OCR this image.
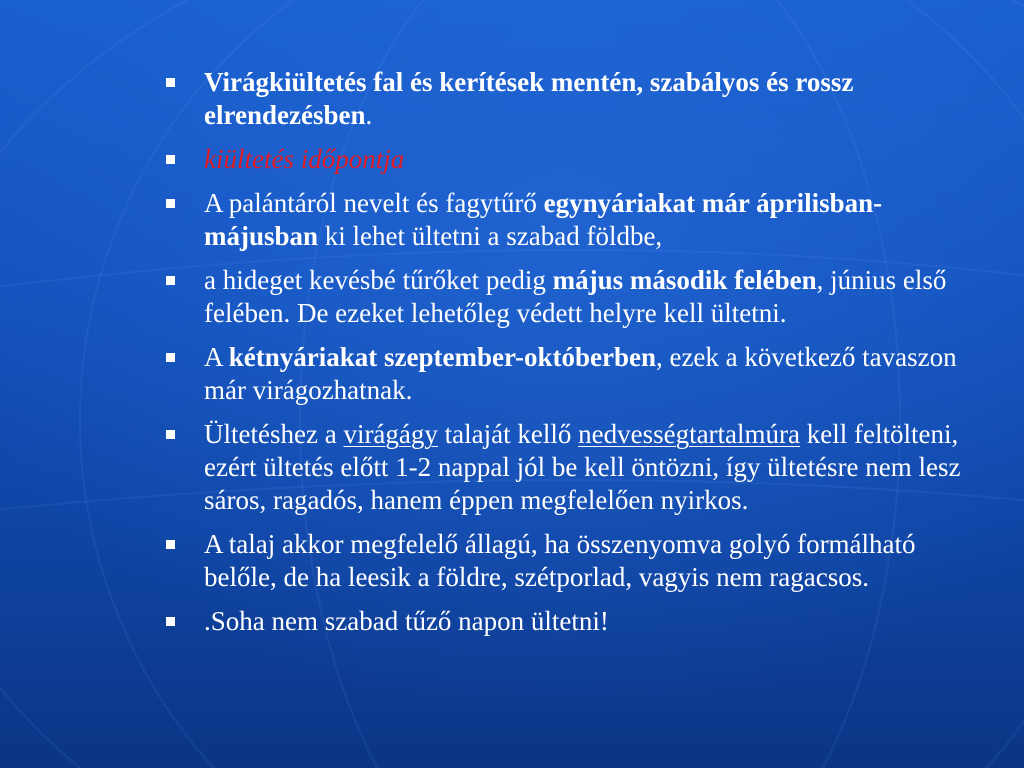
Virágkiültetés fal és kerítések mentén, szabályos és rossz elrendezésben.
kiültetés időpontja
A palántáról nevelt és fagytűrő egynyáriakat már áprilisban-májusban ki lehet ültetni a szabad földbe,
a hideget kevésbé tűrőket pedig május második felében, június első felében. De ezeket lehetőleg védett helyre kell ültetni.
A kétnyáriakat szeptember-októberben, ezek a következő tavaszon már virágozhatnak.
Ültetéshez a virágágy talaját kellő nedvességtartalmúra kell feltölteni, ezért ültetés előtt 1-2 nappal jól be kell öntözni, így ültetésre nem lesz sáros, ragadós, hanem éppen megfelelően nyirkos.
A talaj akkor megfelelő állagú, ha összenyomva golyó formálható belőle, de ha leesik a földre, szétporlad, vagyis nem ragacsos.
.Soha nem szabad tűző napon ültetni!
